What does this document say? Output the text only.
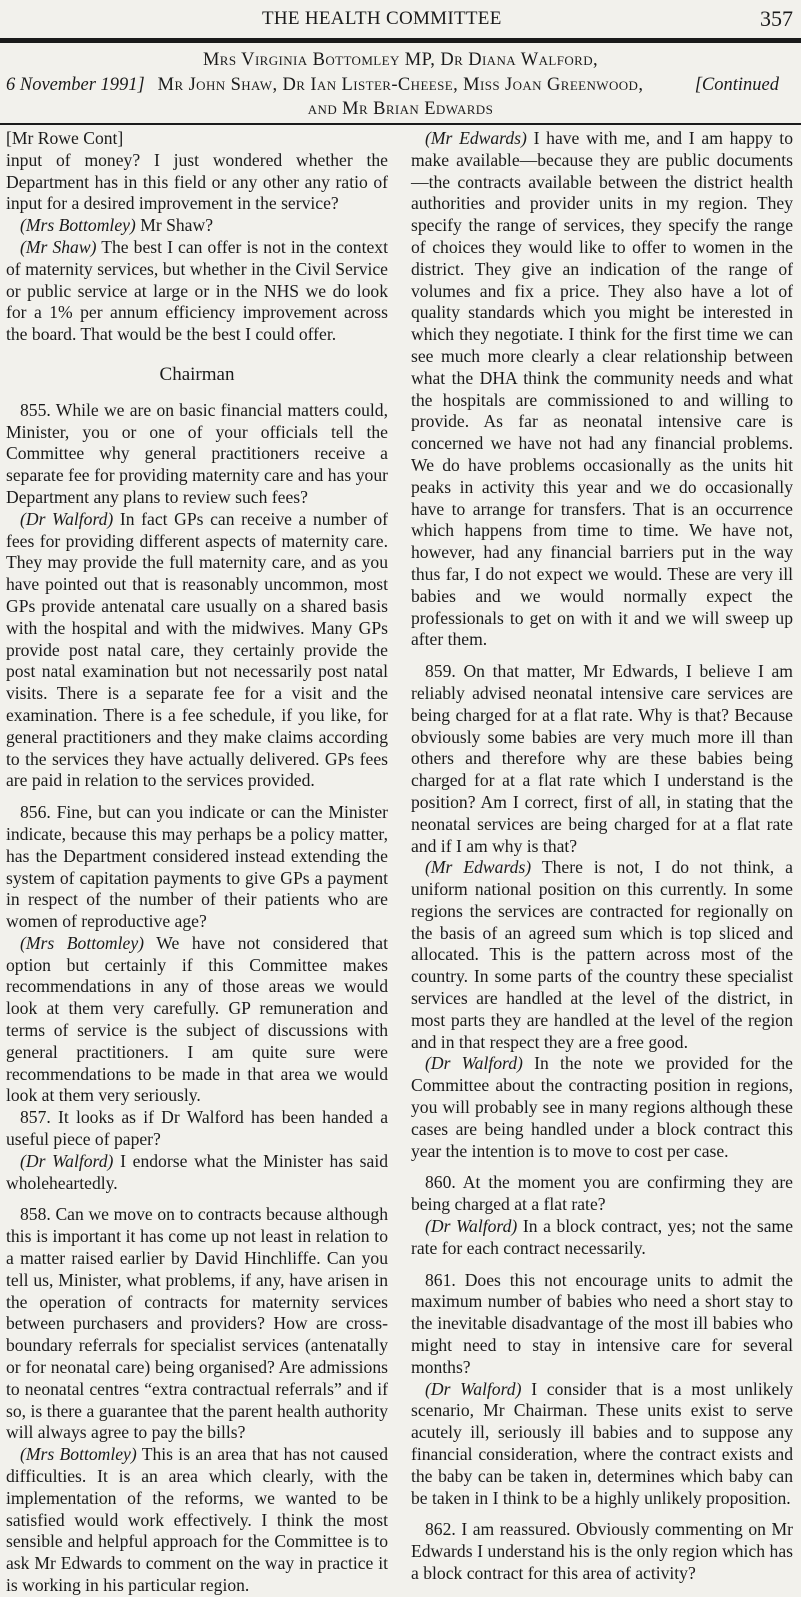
THE HEALTH COMMITTEE	357
Mrs Virginia Bottomley MP, Dr Diana Walford,
6 November 1991] Mr John Shaw, Dr Ian Lister-Cheese, Miss Joan Greenwood,	[Continued
and Mr Brian Edwards

[Mr Rowe Cont]

input of money? I just wondered whether the Department has in this field or any other any ratio of input for a desired improvement in the service?

(Mrs Bottomley) Mr Shaw?

(Mr Shaw) The best I can offer is not in the context of maternity services, but whether in the Civil Service or public service at large or in the NHS we do look for a 1% per annum efficiency improvement across the board. That would be the best I could offer.

Chairman

855. While we are on basic financial matters could, Minister, you or one of your officials tell the Committee why general practitioners receive a separate fee for providing maternity care and has your Department any plans to review such fees?

(Dr Walford) In fact GPs can receive a number of fees for providing different aspects of maternity care. They may provide the full maternity care, and as you have pointed out that is reasonably uncommon, most GPs provide antenatal care usually on a shared basis with the hospital and with the midwives. Many GPs provide post natal care, they certainly provide the post natal examination but not necessarily post natal visits. There is a separate fee for a visit and the examination. There is a fee schedule, if you like, for general practitioners and they make claims according to the services they have actually delivered. GPs fees are paid in relation to the services provided.

856. Fine, but can you indicate or can the Minister indicate, because this may perhaps be a policy matter, has the Department considered instead extending the system of capitation payments to give GPs a payment in respect of the number of their patients who are women of reproductive age?

(Mrs Bottomley) We have not considered that option but certainly if this Committee makes recommendations in any of those areas we would look at them very carefully. GP remuneration and terms of service is the subject of discussions with general practitioners. I am quite sure were recommendations to be made in that area we would look at them very seriously.

857. It looks as if Dr Walford has been handed a useful piece of paper?

(Dr Walford) I endorse what the Minister has said wholeheartedly.

858. Can we move on to contracts because although this is important it has come up not least in relation to a matter raised earlier by David Hinchliffe. Can you tell us, Minister, what problems, if any, have arisen in the operation of contracts for maternity services between purchasers and providers? How are cross-boundary referrals for specialist services (antenatally or for neonatal care) being organised? Are admissions to neonatal centres “extra contractual referrals” and if so, is there a guarantee that the parent health authority will always agree to pay the bills?

(Mrs Bottomley) This is an area that has not caused difficulties. It is an area which clearly, with the implementation of the reforms, we wanted to be satisfied would work effectively. I think the most sensible and helpful approach for the Committee is to ask Mr Edwards to comment on the way in practice it is working in his particular region.

(Mr Edwards) I have with me, and I am happy to make available—because they are public documents—the contracts available between the district health authorities and provider units in my region. They specify the range of services, they specify the range of choices they would like to offer to women in the district. They give an indication of the range of volumes and fix a price. They also have a lot of quality standards which you might be interested in which they negotiate. I think for the first time we can see much more clearly a clear relationship between what the DHA think the community needs and what the hospitals are commissioned to and willing to provide. As far as neonatal intensive care is concerned we have not had any financial problems. We do have problems occasionally as the units hit peaks in activity this year and we do occasionally have to arrange for transfers. That is an occurrence which happens from time to time. We have not, however, had any financial barriers put in the way thus far, I do not expect we would. These are very ill babies and we would normally expect the professionals to get on with it and we will sweep up after them.

859. On that matter, Mr Edwards, I believe I am reliably advised neonatal intensive care services are being charged for at a flat rate. Why is that? Because obviously some babies are very much more ill than others and therefore why are these babies being charged for at a flat rate which I understand is the position? Am I correct, first of all, in stating that the neonatal services are being charged for at a flat rate and if I am why is that?

(Mr Edwards) There is not, I do not think, a uniform national position on this currently. In some regions the services are contracted for regionally on the basis of an agreed sum which is top sliced and allocated. This is the pattern across most of the country. In some parts of the country these specialist services are handled at the level of the district, in most parts they are handled at the level of the region and in that respect they are a free good.

(Dr Walford) In the note we provided for the Committee about the contracting position in regions, you will probably see in many regions although these cases are being handled under a block contract this year the intention is to move to cost per case.

860. At the moment you are confirming they are being charged at a flat rate?

(Dr Walford) In a block contract, yes; not the same rate for each contract necessarily.

861. Does this not encourage units to admit the maximum number of babies who need a short stay to the inevitable disadvantage of the most ill babies who might need to stay in intensive care for several months?

(Dr Walford) I consider that is a most unlikely scenario, Mr Chairman. These units exist to serve acutely ill, seriously ill babies and to suppose any financial consideration, where the contract exists and the baby can be taken in, determines which baby can be taken in I think to be a highly unlikely proposition.

862. I am reassured. Obviously commenting on Mr Edwards I understand his is the only region which has a block contract for this area of activity?
